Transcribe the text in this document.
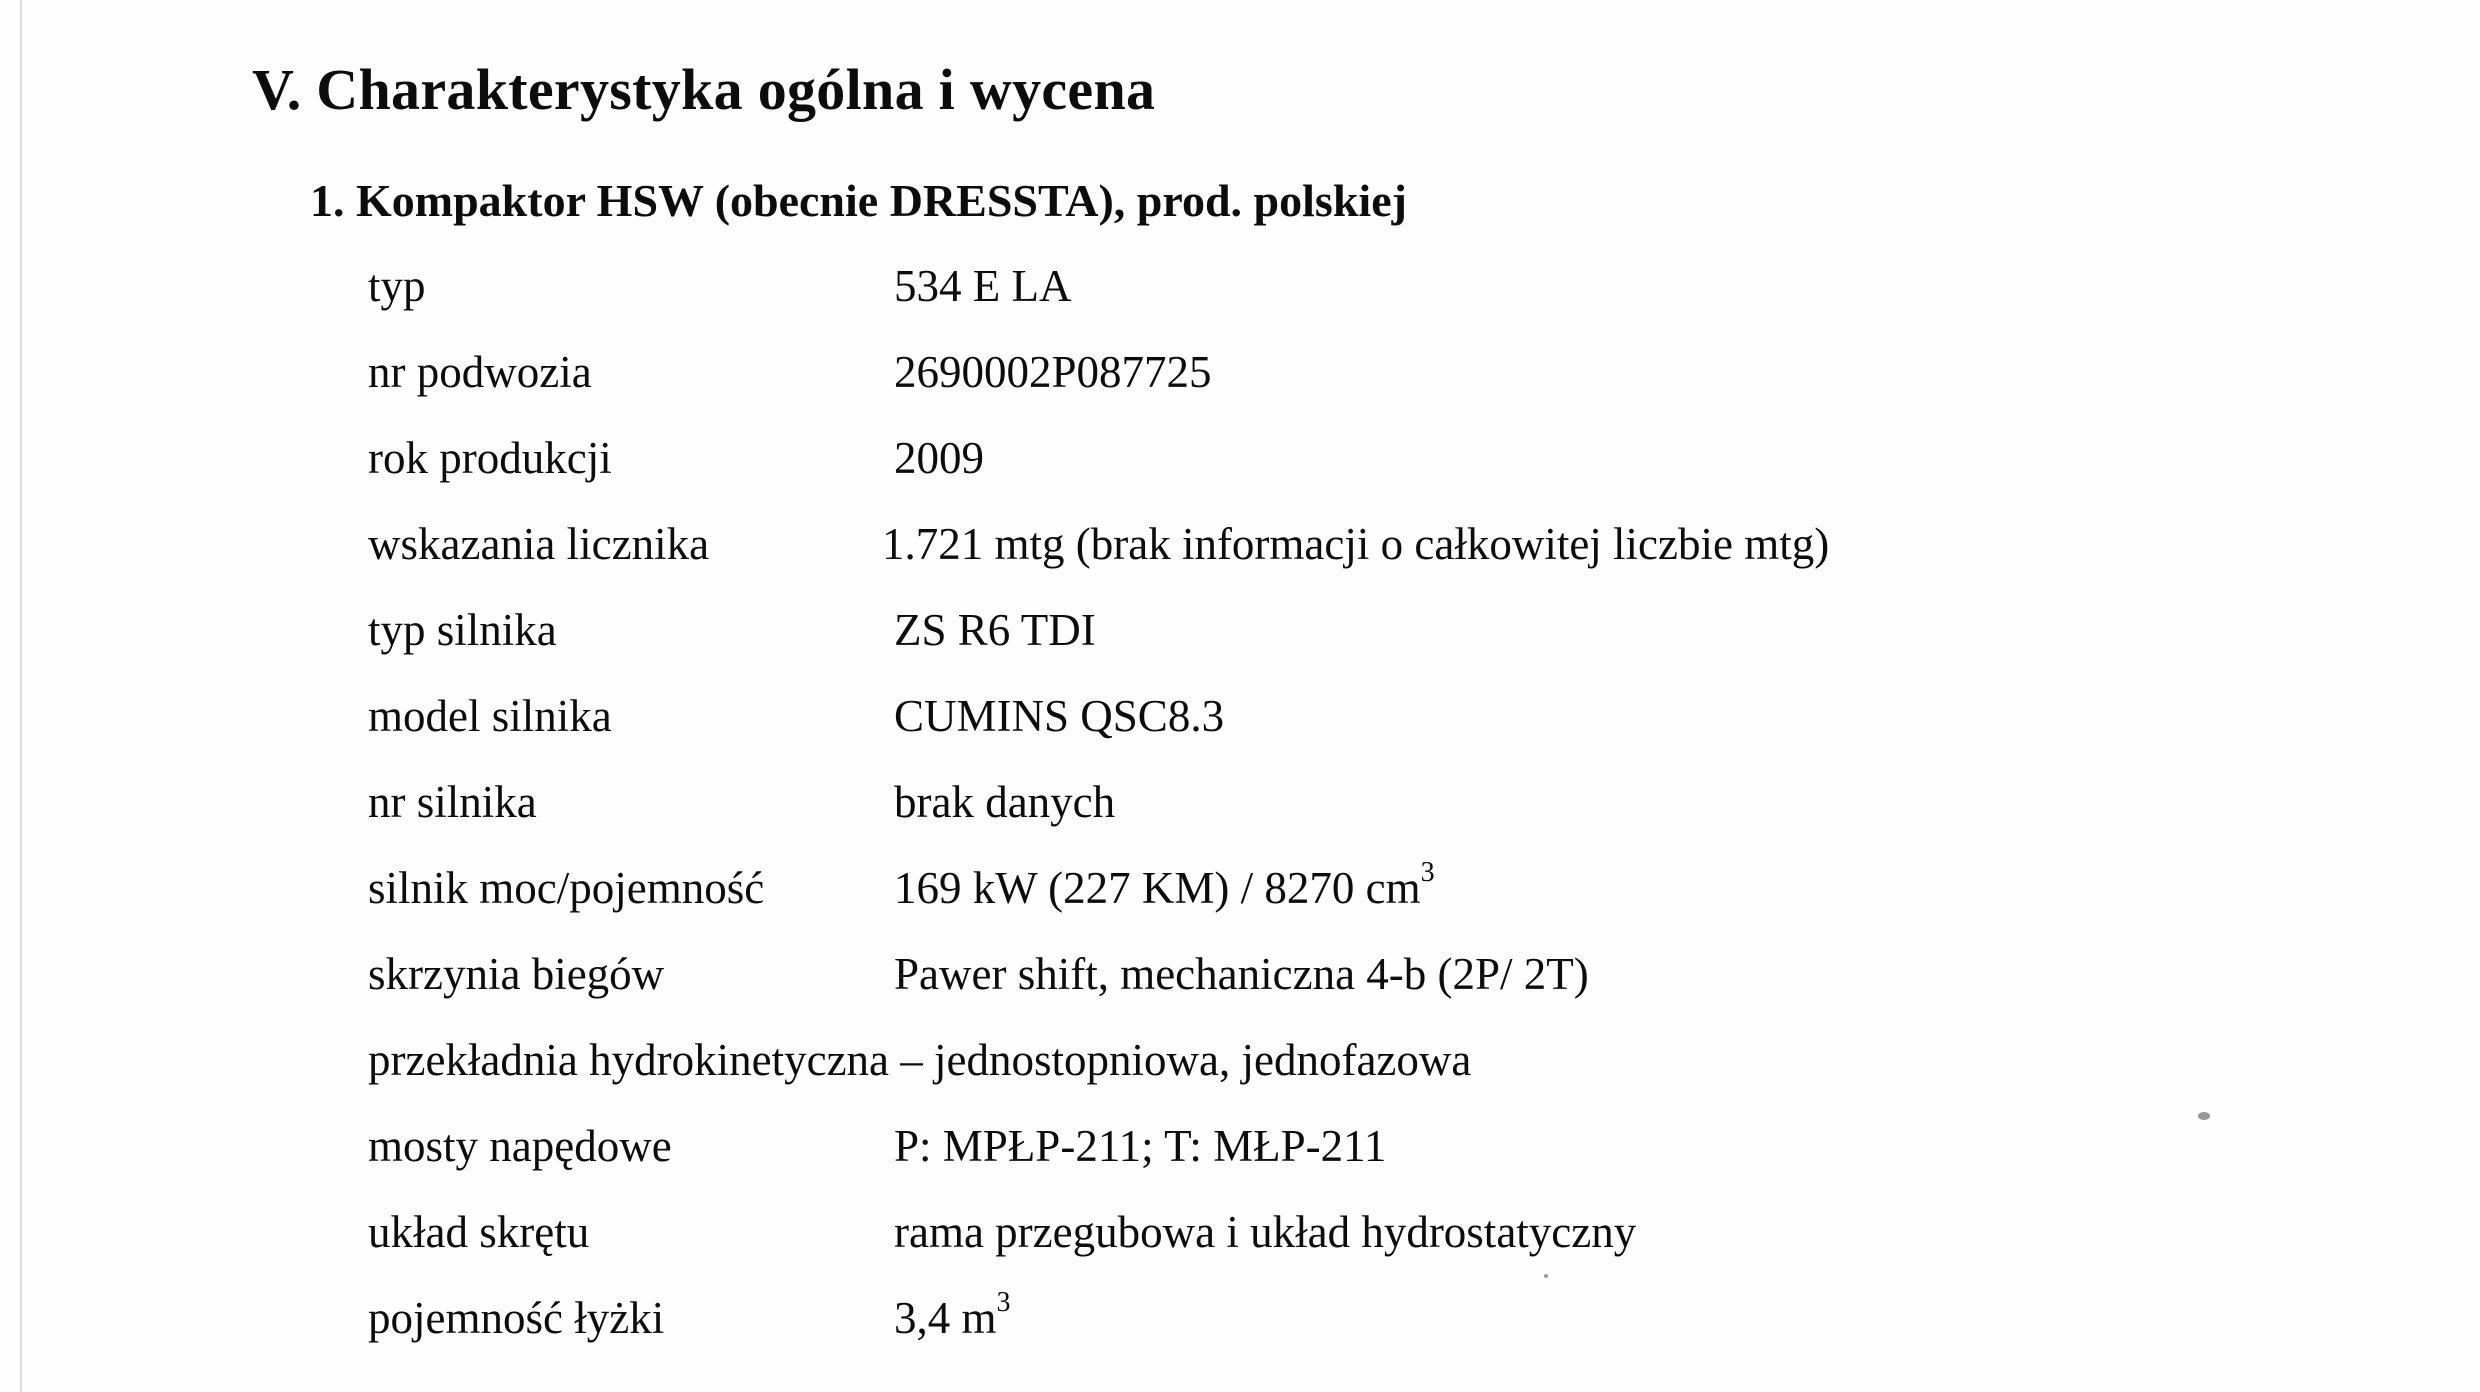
V. Charakterystyka ogólna i wycena
1. Kompaktor HSW (obecnie DRESSTA), prod. polskiej
typ	534 E LA
nr podwozia	2690002P087725
rok produkcji	2009
wskazania licznika	1.721 mtg (brak informacji o całkowitej liczbie mtg)
typ silnika	ZS R6 TDI
model silnika	CUMINS QSC8.3
nr silnika	brak danych
silnik moc/pojemność	169 kW (227 KM) / 8270 $cm^3$
skrzynia biegów	Pawer shift, mechaniczna 4-b (2P/ 2T)
przekładnia hydrokinetyczna – jednostopniowa, jednofazowa
mosty napędowe	P: MPŁP-211; T: MŁP-211
układ skrętu	rama przegubowa i układ hydrostatyczny
pojemność łyżki	3,4 $m^3$
